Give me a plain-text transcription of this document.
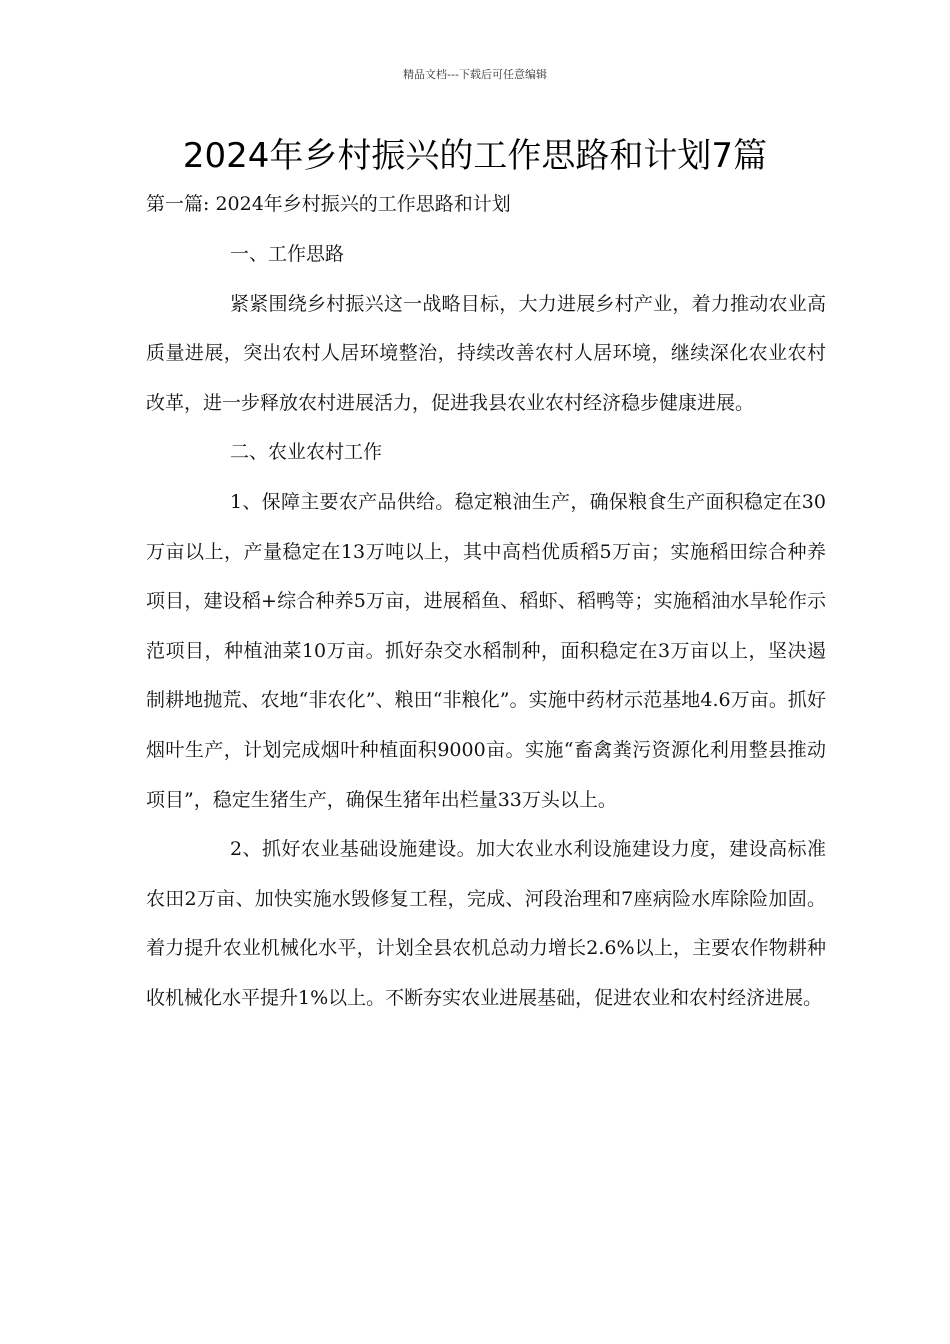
精品文档---下载后可任意编辑
2024年乡村振兴的工作思路和计划7篇
第一篇: 2024年乡村振兴的工作思路和计划

一、工作思路

紧紧围绕乡村振兴这一战略目标，大力进展乡村产业，着力推动农业高质量进展，突出农村人居环境整治，持续改善农村人居环境，继续深化农业农村改革，进一步释放农村进展活力，促进我县农业农村经济稳步健康进展。

二、农业农村工作

1、保障主要农产品供给。稳定粮油生产，确保粮食生产面积稳定在30万亩以上，产量稳定在13万吨以上，其中高档优质稻5万亩；实施稻田综合种养项目，建设稻+综合种养5万亩，进展稻鱼、稻虾、稻鸭等；实施稻油水旱轮作示范项目，种植油菜10万亩。抓好杂交水稻制种，面积稳定在3万亩以上，坚决遏制耕地抛荒、农地“非农化”、粮田“非粮化”。实施中药材示范基地4.6万亩。抓好烟叶生产，计划完成烟叶种植面积9000亩。实施“畜禽粪污资源化利用整县推动项目”，稳定生猪生产，确保生猪年出栏量33万头以上。

2、抓好农业基础设施建设。加大农业水利设施建设力度，建设高标准农田2万亩、加快实施水毁修复工程，完成、河段治理和7座病险水库除险加固。着力提升农业机械化水平，计划全县农机总动力增长2.6%以上，主要农作物耕种收机械化水平提升1%以上。不断夯实农业进展基础，促进农业和农村经济进展。
